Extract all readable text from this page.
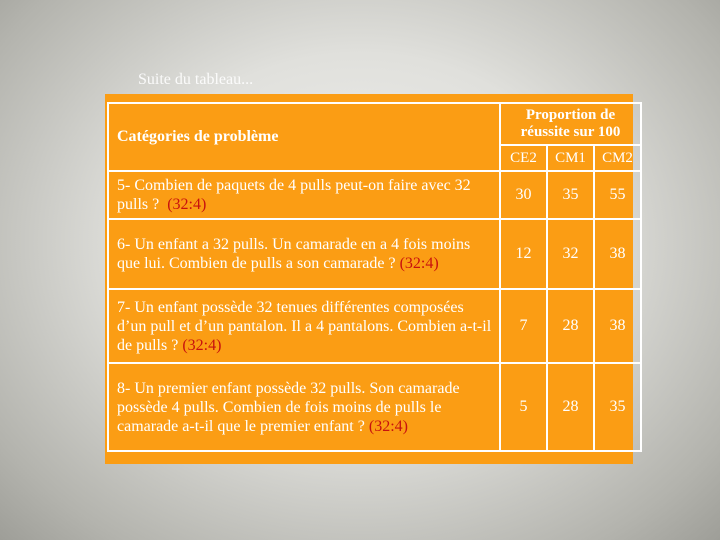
Suite du tableau...
Catégories de problème	Proportion de
réussite sur 100		
	CE2	CM1	CM2
5- Combien de paquets de 4 pulls peut-on faire avec 32 pulls ? (32:4)	30	35	55
6- Un enfant a 32 pulls. Un camarade en a 4 fois moins que lui. Combien de pulls a son camarade ? (32:4)	12	32	38
7- Un enfant possède 32 tenues différentes composées d’un pull et d’un pantalon. Il a 4 pantalons. Combien a-t-il de pulls ? (32:4)	7	28	38
8- Un premier enfant possède 32 pulls. Son camarade possède 4 pulls. Combien de fois moins de pulls le camarade a-t-il que le premier enfant ? (32:4)	5	28	35
